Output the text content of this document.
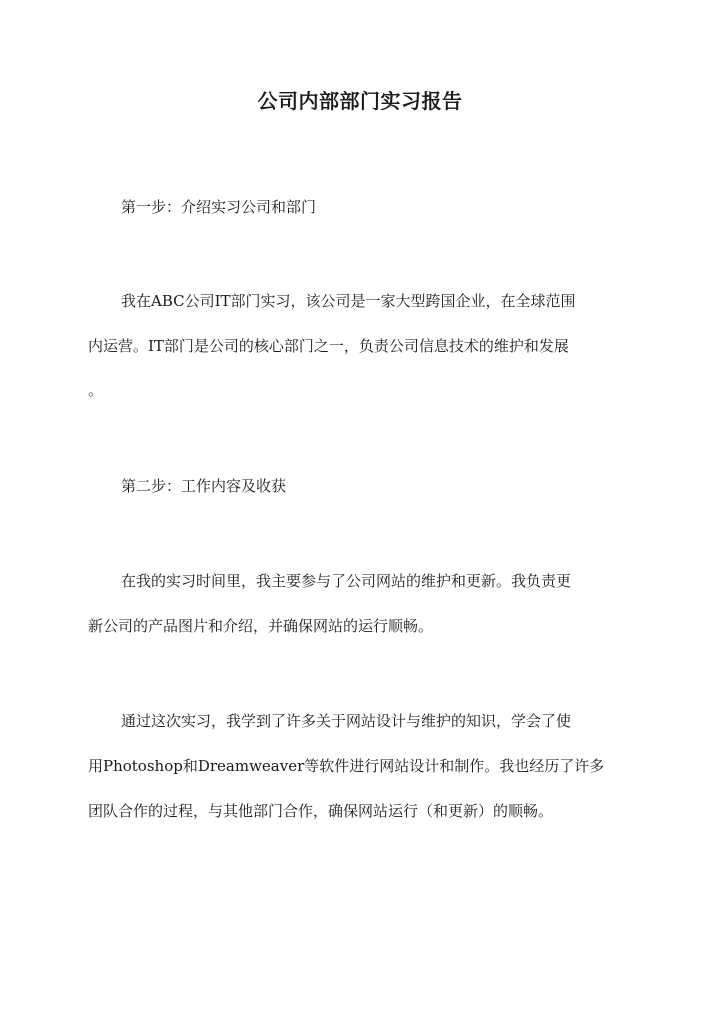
公司内部部门实习报告
第一步：介绍实习公司和部门
我在ABC公司IT部门实习，该公司是一家大型跨国企业，在全球范围
内运营。IT部门是公司的核心部门之一，负责公司信息技术的维护和发展
。
第二步：工作内容及收获
在我的实习时间里，我主要参与了公司网站的维护和更新。我负责更
新公司的产品图片和介绍，并确保网站的运行顺畅。
通过这次实习，我学到了许多关于网站设计与维护的知识，学会了使
用Photoshop和Dreamweaver等软件进行网站设计和制作。我也经历了许多
团队合作的过程，与其他部门合作，确保网站运行（和更新）的顺畅。
